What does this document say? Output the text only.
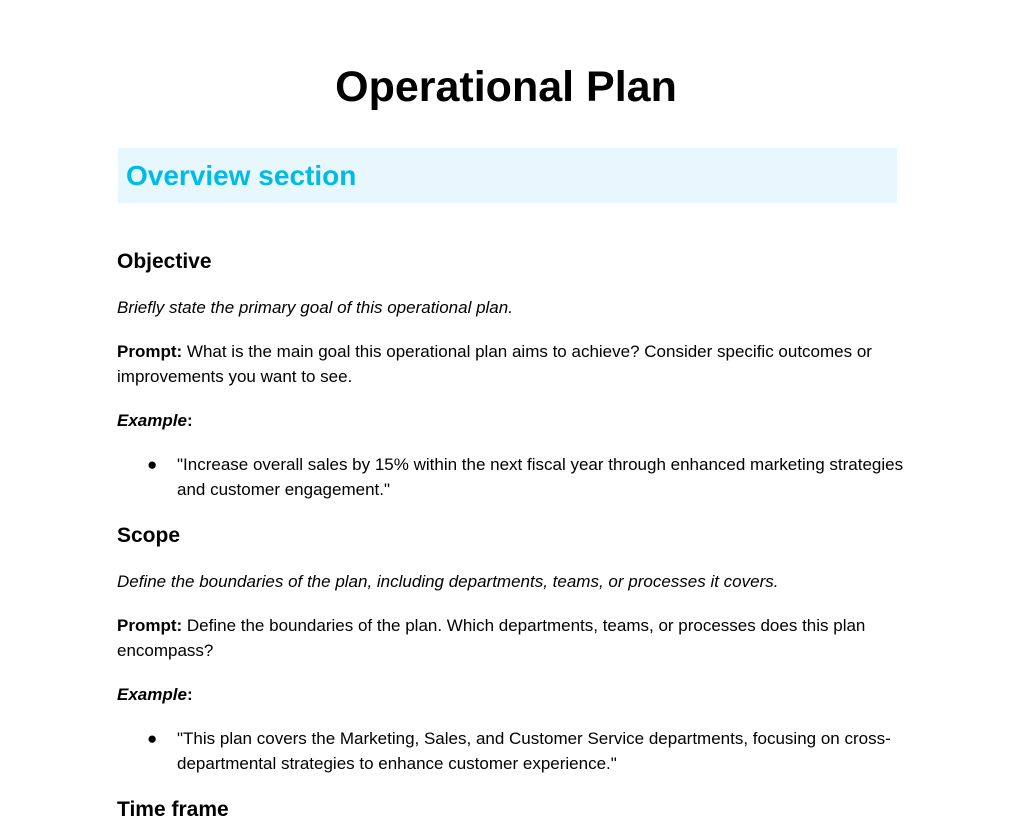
Operational Plan
Overview section
Objective

Briefly state the primary goal of this operational plan.

Prompt: What is the main goal this operational plan aims to achieve? Consider specific outcomes or improvements you want to see.

Example:

●	"Increase overall sales by 15% within the next fiscal year through enhanced marketing strategies and customer engagement."
Scope

Define the boundaries of the plan, including departments, teams, or processes it covers.

Prompt: Define the boundaries of the plan. Which departments, teams, or processes does this plan encompass?

Example:

●	"This plan covers the Marketing, Sales, and Customer Service departments, focusing on cross-departmental strategies to enhance customer experience."
Time frame
